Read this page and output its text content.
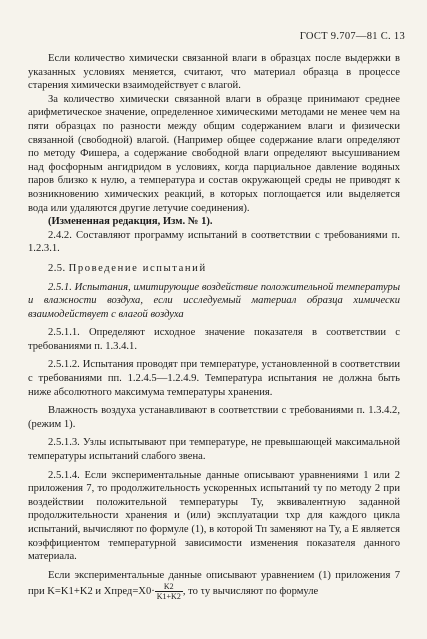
ГОСТ 9.707—81 С. 13

Если количество химически связанной влаги в образцах после выдержки в указанных условиях меняется, считают, что материал образца в процессе старения химически взаимодействует с влагой.

За количество химически связанной влаги в образце принимают среднее арифметическое значение, определенное химическими методами не менее чем на пяти образцах по разности между общим содержанием влаги и физически связанной (свободной) влагой. (Например общее содержание влаги определяют по методу Фишера, а содержание свободной влаги определяют высушиванием над фосфорным ангидридом в условиях, когда парциальное давление водяных паров близко к нулю, а температура и состав окружающей среды не приводят к возникновению химических реакций, в которых поглощается или выделяется вода или удаляются другие летучие соединения).

(Измененная редакция, Изм. № 1).

2.4.2. Составляют программу испытаний в соответствии с требованиями п. 1.2.3.1.

2.5. Проведение испытаний

2.5.1. Испытания, имитирующие воздействие положительной температуры и влажности воздуха, если исследуемый материал образца химически взаимодействует с влагой воздуха

2.5.1.1. Определяют исходное значение показателя в соответствии с требованиями п. 1.3.4.1.

2.5.1.2. Испытания проводят при температуре, установленной в соответствии с требованиями пп. 1.2.4.5—1.2.4.9. Температура испытания не должна быть ниже абсолютного максимума температуры хранения.

Влажность воздуха устанавливают в соответствии с требованиями п. 1.3.4.2, (режим 1).

2.5.1.3. Узлы испытывают при температуре, не превышающей максимальной температуры испытаний слабого звена.

2.5.1.4. Если экспериментальные данные описывают уравнениями 1 или 2 приложения 7, то продолжительность ускоренных испытаний τу по методу 2 при воздействии положительной температуры Ту, эквивалентную заданной продолжительности хранения и (или) эксплуатации τхр для каждого цикла испытаний, вычисляют по формуле (1), в которой Тп заменяют на Ту, а Е является коэффициентом температурной зависимости изменения показателя данного материала.

Если экспериментальные данные описывают уравнением (1) приложения 7 при K=K1+K2 и Xпред=X0· $\frac{K2}{K1+K2}$ , то τу вычисляют по формуле
